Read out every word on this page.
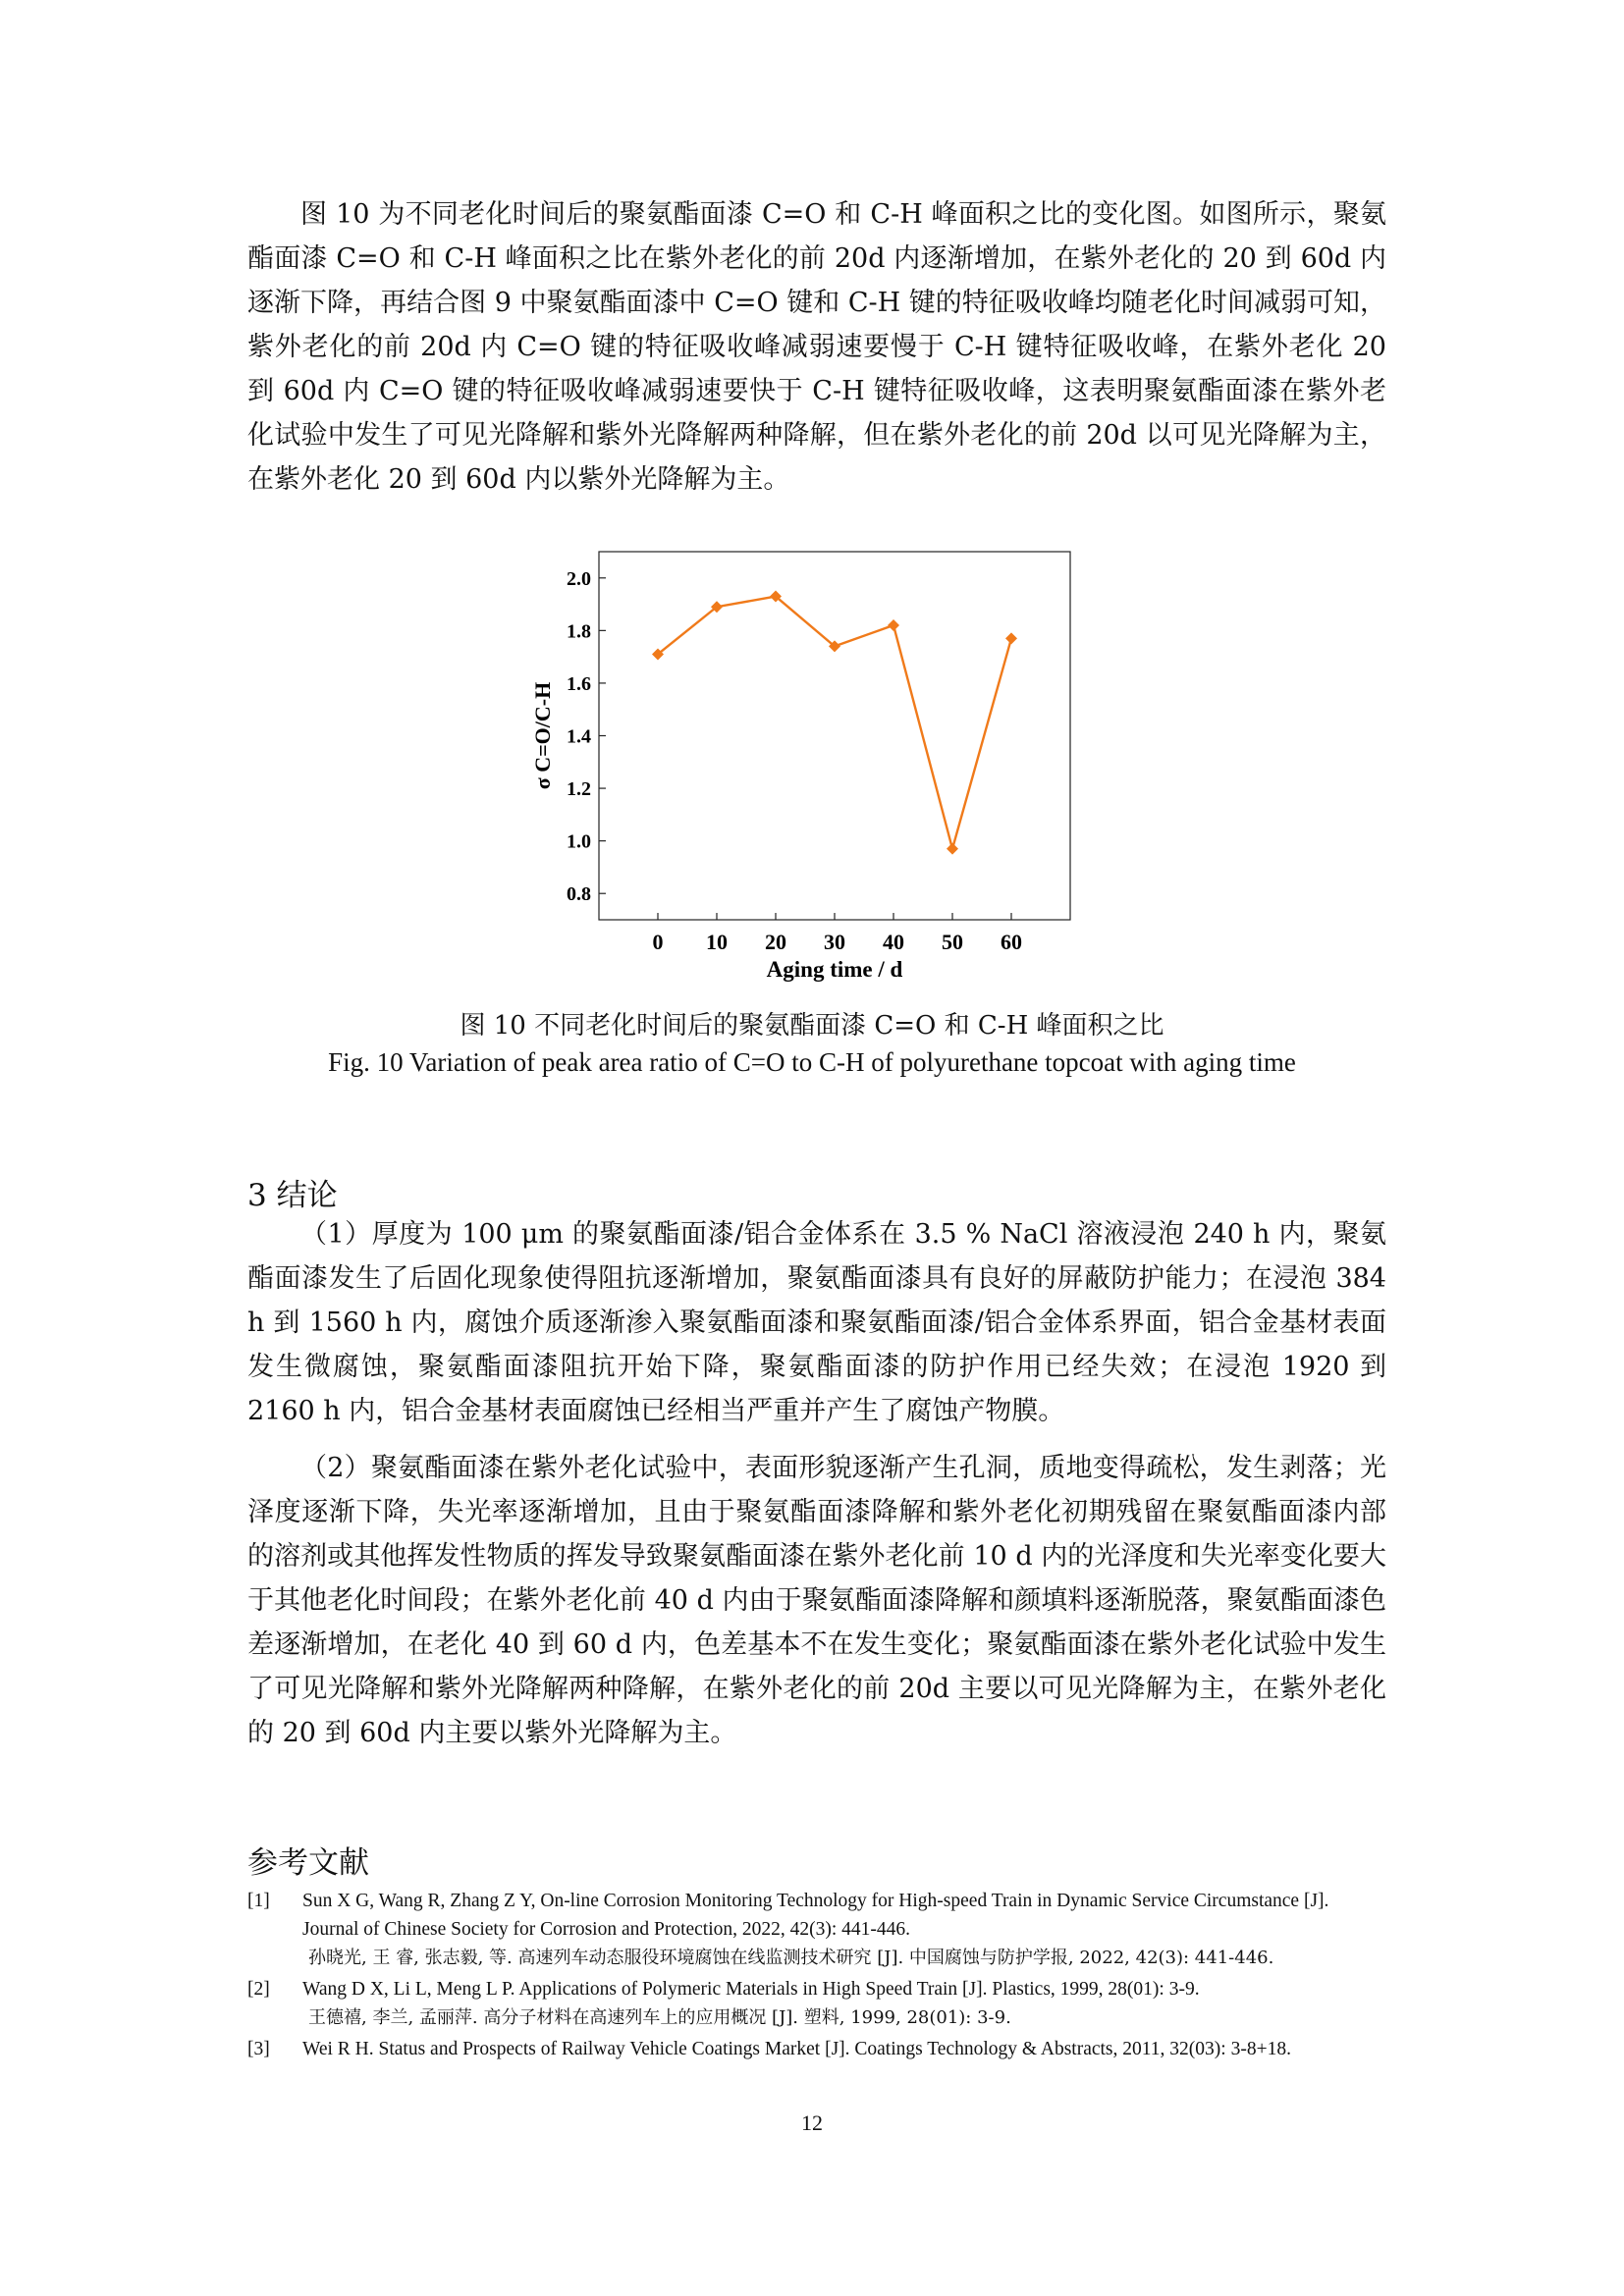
图 10 为不同老化时间后的聚氨酯面漆 C=O 和 C-H 峰面积之比的变化图。如图所示，聚氨酯面漆 C=O 和 C-H 峰面积之比在紫外老化的前 20d 内逐渐增加，在紫外老化的 20 到 60d 内逐渐下降，再结合图 9 中聚氨酯面漆中 C=O 键和 C-H 键的特征吸收峰均随老化时间减弱可知，紫外老化的前 20d 内 C=O 键的特征吸收峰减弱速要慢于 C-H 键特征吸收峰，在紫外老化 20 到 60d 内 C=O 键的特征吸收峰减弱速要快于 C-H 键特征吸收峰，这表明聚氨酯面漆在紫外老化试验中发生了可见光降解和紫外光降解两种降解，但在紫外老化的前 20d 以可见光降解为主，在紫外老化 20 到 60d 内以紫外光降解为主。

0 10 20 30 40 50 60
0.8
1.0
1.2
1.4
1.6
1.8
2.0
Aging time / d
σ C=O/C-H

图 10 不同老化时间后的聚氨酯面漆 C=O 和 C-H 峰面积之比

Fig. 10 Variation of peak area ratio of C=O to C-H of polyurethane topcoat with aging time

3 结论

（1）厚度为 100 μm 的聚氨酯面漆/铝合金体系在 3.5 % NaCl 溶液浸泡 240 h 内，聚氨酯面漆发生了后固化现象使得阻抗逐渐增加，聚氨酯面漆具有良好的屏蔽防护能力；在浸泡 384 h 到 1560 h 内，腐蚀介质逐渐渗入聚氨酯面漆和聚氨酯面漆/铝合金体系界面，铝合金基材表面发生微腐蚀，聚氨酯面漆阻抗开始下降，聚氨酯面漆的防护作用已经失效；在浸泡 1920 到 2160 h 内，铝合金基材表面腐蚀已经相当严重并产生了腐蚀产物膜。

（2）聚氨酯面漆在紫外老化试验中，表面形貌逐渐产生孔洞，质地变得疏松，发生剥落；光泽度逐渐下降，失光率逐渐增加，且由于聚氨酯面漆降解和紫外老化初期残留在聚氨酯面漆内部的溶剂或其他挥发性物质的挥发导致聚氨酯面漆在紫外老化前 10 d 内的光泽度和失光率变化要大于其他老化时间段；在紫外老化前 40 d 内由于聚氨酯面漆降解和颜填料逐渐脱落，聚氨酯面漆色差逐渐增加，在老化 40 到 60 d 内，色差基本不在发生变化；聚氨酯面漆在紫外老化试验中发生了可见光降解和紫外光降解两种降解，在紫外老化的前 20d 主要以可见光降解为主，在紫外老化的 20 到 60d 内主要以紫外光降解为主。

参考文献
[1] Sun X G, Wang R, Zhang Z Y, On-line Corrosion Monitoring Technology for High-speed Train in Dynamic Service Circumstance [J]. Journal of Chinese Society for Corrosion and Protection, 2022, 42(3): 441-446.
孙晓光, 王 睿, 张志毅, 等. 高速列车动态服役环境腐蚀在线监测技术研究 [J]. 中国腐蚀与防护学报, 2022, 42(3): 441-446.
[2] Wang D X, Li L, Meng L P. Applications of Polymeric Materials in High Speed Train [J]. Plastics, 1999, 28(01): 3-9.
王德禧, 李兰, 孟丽萍. 高分子材料在高速列车上的应用概况 [J]. 塑料, 1999, 28(01): 3-9.
[3] Wei R H. Status and Prospects of Railway Vehicle Coatings Market [J]. Coatings Technology & Abstracts, 2011, 32(03): 3-8+18.

12
